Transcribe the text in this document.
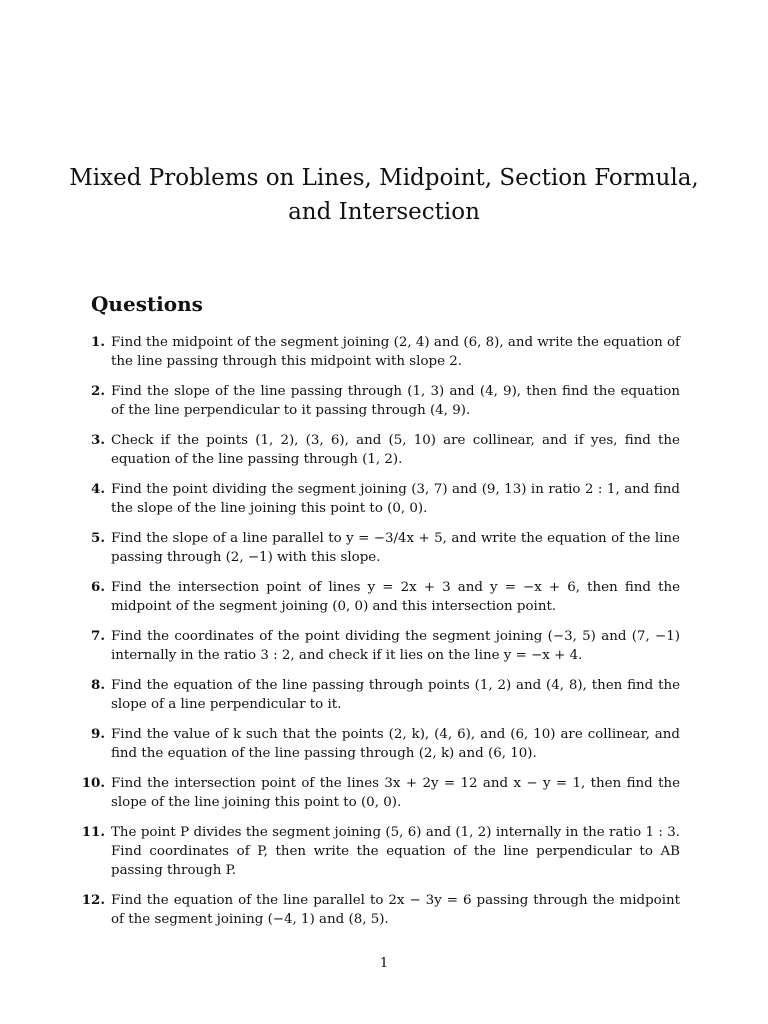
Mixed Problems on Lines, Midpoint, Section Formula,
and Intersection
Questions
1. Find the midpoint of the segment joining (2, 4) and (6, 8), and write the equation of the line passing through this midpoint with slope 2.
2. Find the slope of the line passing through (1, 3) and (4, 9), then find the equation of the line perpendicular to it passing through (4, 9).
3. Check if the points (1, 2), (3, 6), and (5, 10) are collinear, and if yes, find the equation of the line passing through (1, 2).
4. Find the point dividing the segment joining (3, 7) and (9, 13) in ratio 2 : 1, and find the slope of the line joining this point to (0, 0).
5. Find the slope of a line parallel to y = −3/4x + 5, and write the equation of the line passing through (2, −1) with this slope.
6. Find the intersection point of lines y = 2x + 3 and y = −x + 6, then find the midpoint of the segment joining (0, 0) and this intersection point.
7. Find the coordinates of the point dividing the segment joining (−3, 5) and (7, −1) internally in the ratio 3 : 2, and check if it lies on the line y = −x + 4.
8. Find the equation of the line passing through points (1, 2) and (4, 8), then find the slope of a line perpendicular to it.
9. Find the value of k such that the points (2, k), (4, 6), and (6, 10) are collinear, and find the equation of the line passing through (2, k) and (6, 10).
10. Find the intersection point of the lines 3x + 2y = 12 and x − y = 1, then find the slope of the line joining this point to (0, 0).
11. The point P divides the segment joining (5, 6) and (1, 2) internally in the ratio 1 : 3. Find coordinates of P, then write the equation of the line perpendicular to AB passing through P.
12. Find the equation of the line parallel to 2x − 3y = 6 passing through the midpoint of the segment joining (−4, 1) and (8, 5).
1
